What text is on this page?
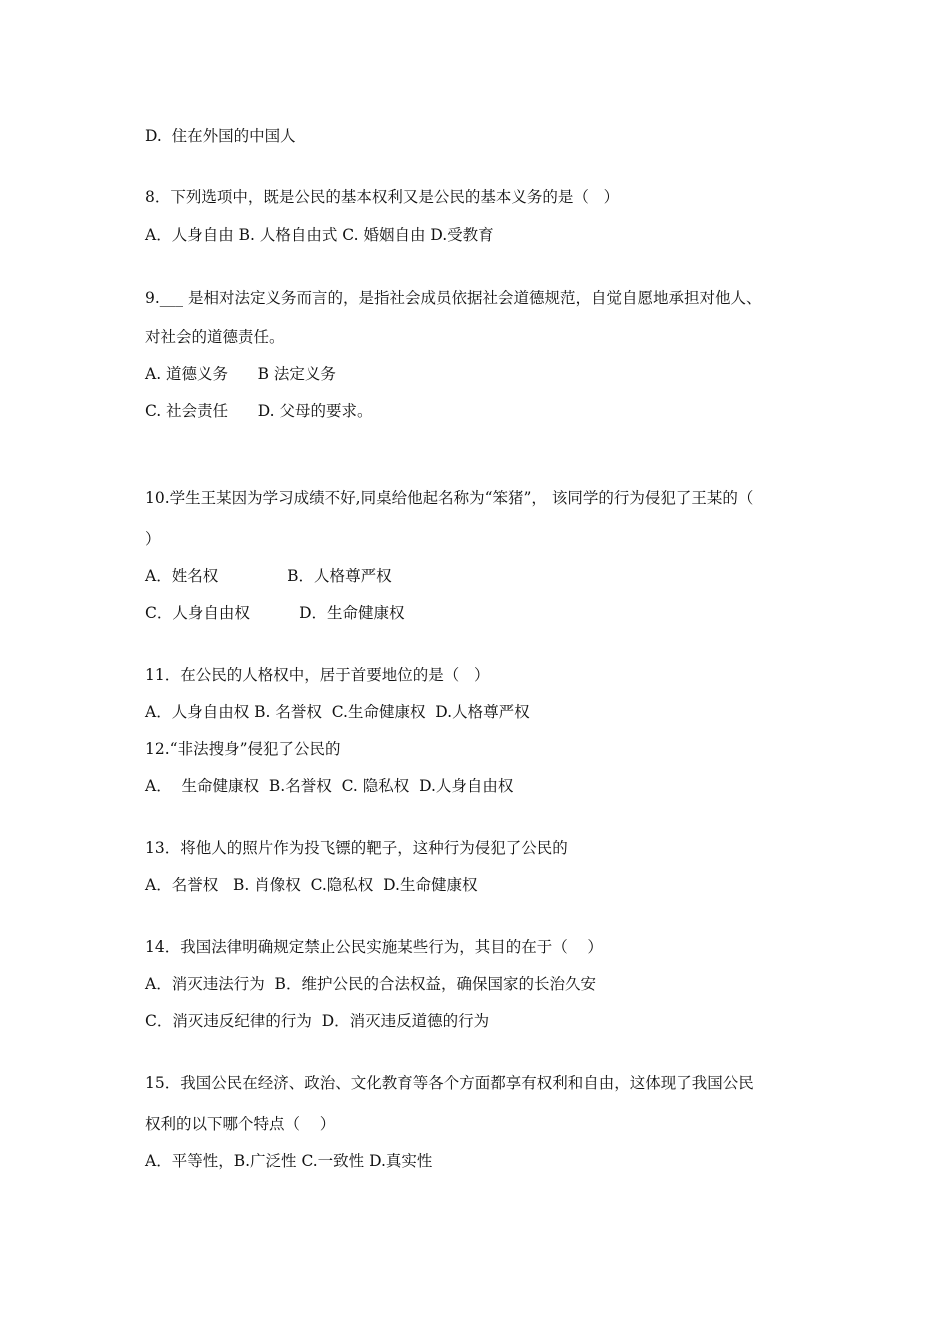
D.  住在外国的中国人

8．下列选项中，既是公民的基本权利又是公民的基本义务的是（   ）

A．人身自由 B. 人格自由式 C. 婚姻自由 D.受教育

9.___ 是相对法定义务而言的，是指社会成员依据社会道德规范，自觉自愿地承担对他人、

对社会的道德责任。

A. 道德义务      B 法定义务

C. 社会责任      D. 父母的要求。

10.学生王某因为学习成绩不好,同桌给他起名称为“笨猪”， 该同学的行为侵犯了王某的（

）

A．姓名权              B．人格尊严权

C．人身自由权          D．生命健康权

11．在公民的人格权中，居于首要地位的是（   ）

A．人身自由权 B. 名誉权  C.生命健康权  D.人格尊严权

12.“非法搜身”侵犯了公民的

A．  生命健康权  B.名誉权  C. 隐私权  D.人身自由权

13．将他人的照片作为投飞镖的靶子，这种行为侵犯了公民的

A．名誉权   B. 肖像权  C.隐私权  D.生命健康权

14．我国法律明确规定禁止公民实施某些行为，其目的在于（    ）

A．消灭违法行为  B．维护公民的合法权益，确保国家的长治久安

C．消灭违反纪律的行为  D．消灭违反道德的行为

15．我国公民在经济、政治、文化教育等各个方面都享有权利和自由，这体现了我国公民

权利的以下哪个特点（    ）

A．平等性，B.广泛性 C.一致性 D.真实性
